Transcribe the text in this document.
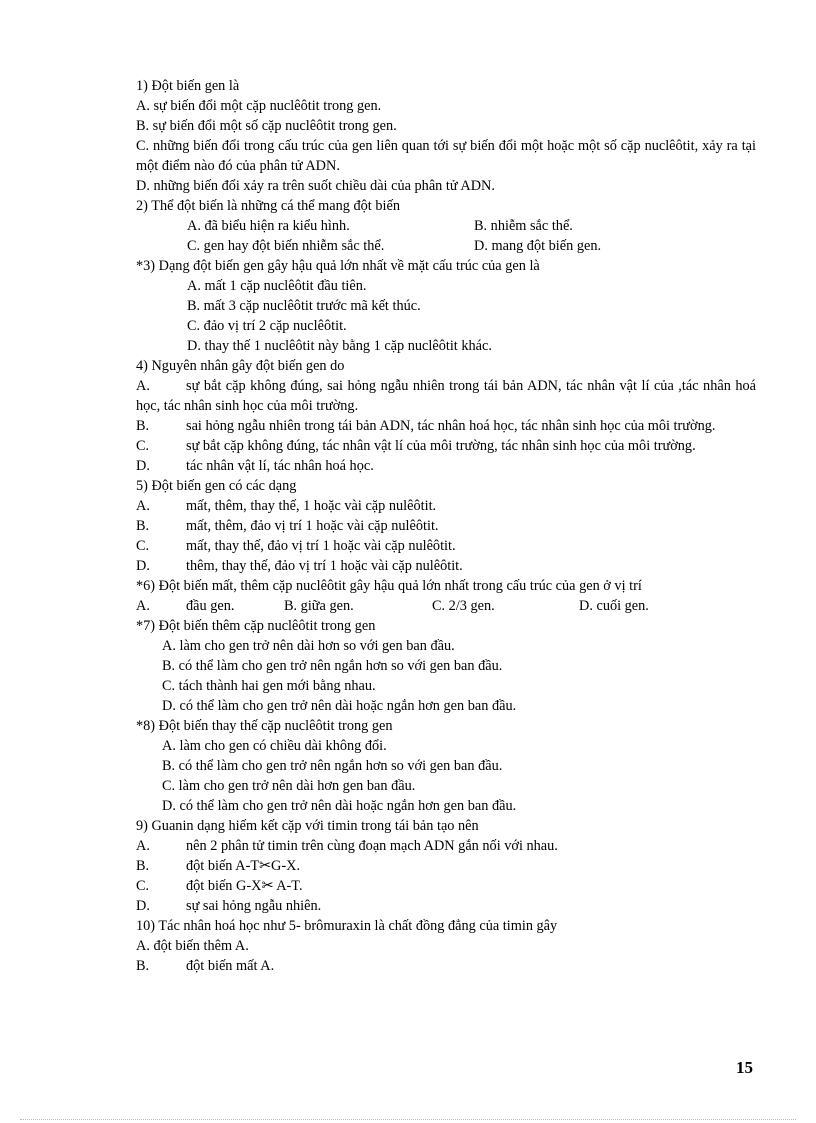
1) Đột biến gen là
A. sự biến đổi một cặp nuclêôtit trong gen.
B. sự biến đổi một số cặp nuclêôtit trong gen.
C. những biến đổi trong cấu trúc của gen liên quan tới sự biến đổi một hoặc một số cặp nuclêôtit, xảy ra tại một điểm nào đó của phân tử ADN.
D. những biến đổi xảy ra trên suốt chiều dài của phân tử ADN.
2) Thể đột biến là những cá thể mang đột biến
A. đã biểu hiện ra kiểu hình.	B. nhiễm sắc thể.
C. gen hay đột biến nhiễm sắc thể.	D. mang đột biến gen.
*3) Dạng đột biến gen gây hậu quả lớn nhất về mặt cấu trúc của gen là
A. mất 1 cặp nuclêôtit đầu tiên.
B. mất 3 cặp nuclêôtit trước mã kết thúc.
C. đảo vị trí 2 cặp nuclêôtit.
D. thay thế 1 nuclêôtit này bằng 1 cặp nuclêôtit khác.
4) Nguyên nhân gây đột biến gen do
A.	sự bắt cặp không đúng, sai hỏng ngẫu nhiên trong tái bản ADN, tác nhân vật lí của ,tác nhân hoá học, tác nhân sinh học của môi trường.
B.	sai hỏng ngẫu nhiên trong tái bản ADN, tác nhân hoá học, tác nhân sinh học của môi trường.
C.	sự bắt cặp không đúng, tác nhân vật lí của môi trường, tác nhân sinh học của môi trường.
D.	tác nhân vật lí, tác nhân hoá học.
5) Đột biến gen có các dạng
A.	mất, thêm, thay thế, 1 hoặc vài cặp nulêôtit.
B.	mất, thêm, đảo vị trí 1 hoặc vài cặp nulêôtit.
C.	mất, thay thế, đảo vị trí 1 hoặc vài cặp nulêôtit.
D.	thêm, thay thế, đảo vị trí 1 hoặc vài cặp nulêôtit.
*6) Đột biến mất, thêm cặp nuclêôtit gây hậu quả lớn nhất trong cấu trúc của gen ở vị trí
A.	đầu gen.	B. giữa gen.	C. 2/3 gen.	D. cuối gen.
*7) Đột biến thêm cặp nuclêôtit trong gen
A. làm cho gen trở nên dài hơn so với gen ban đầu.
B. có thể làm cho gen trở nên ngắn hơn so với gen ban đầu.
C. tách thành hai gen mới bằng nhau.
D. có thể làm cho gen trở nên dài hoặc ngắn hơn gen ban đầu.
*8) Đột biến thay thế cặp nuclêôtit trong gen
A. làm cho gen có chiều dài không đổi.
B. có thể làm cho gen trở nên ngắn hơn so với gen ban đầu.
C. làm cho gen trở nên dài hơn gen ban đầu.
D. có thể làm cho gen trở nên dài hoặc ngắn hơn gen ban đầu.
9) Guanin dạng hiếm kết cặp với timin trong tái bản tạo nên
A.	nên 2 phân tử timin trên cùng đoạn mạch ADN gắn nối với nhau.
B.	đột biến A-T✂G-X.
C.	đột biến G-X✂ A-T.
D.	sự sai hỏng ngẫu nhiên.
10) Tác nhân hoá học như 5- brômuraxin là chất đồng đẳng của timin gây
A. đột biến thêm A.
B.	đột biến mất A.
15
